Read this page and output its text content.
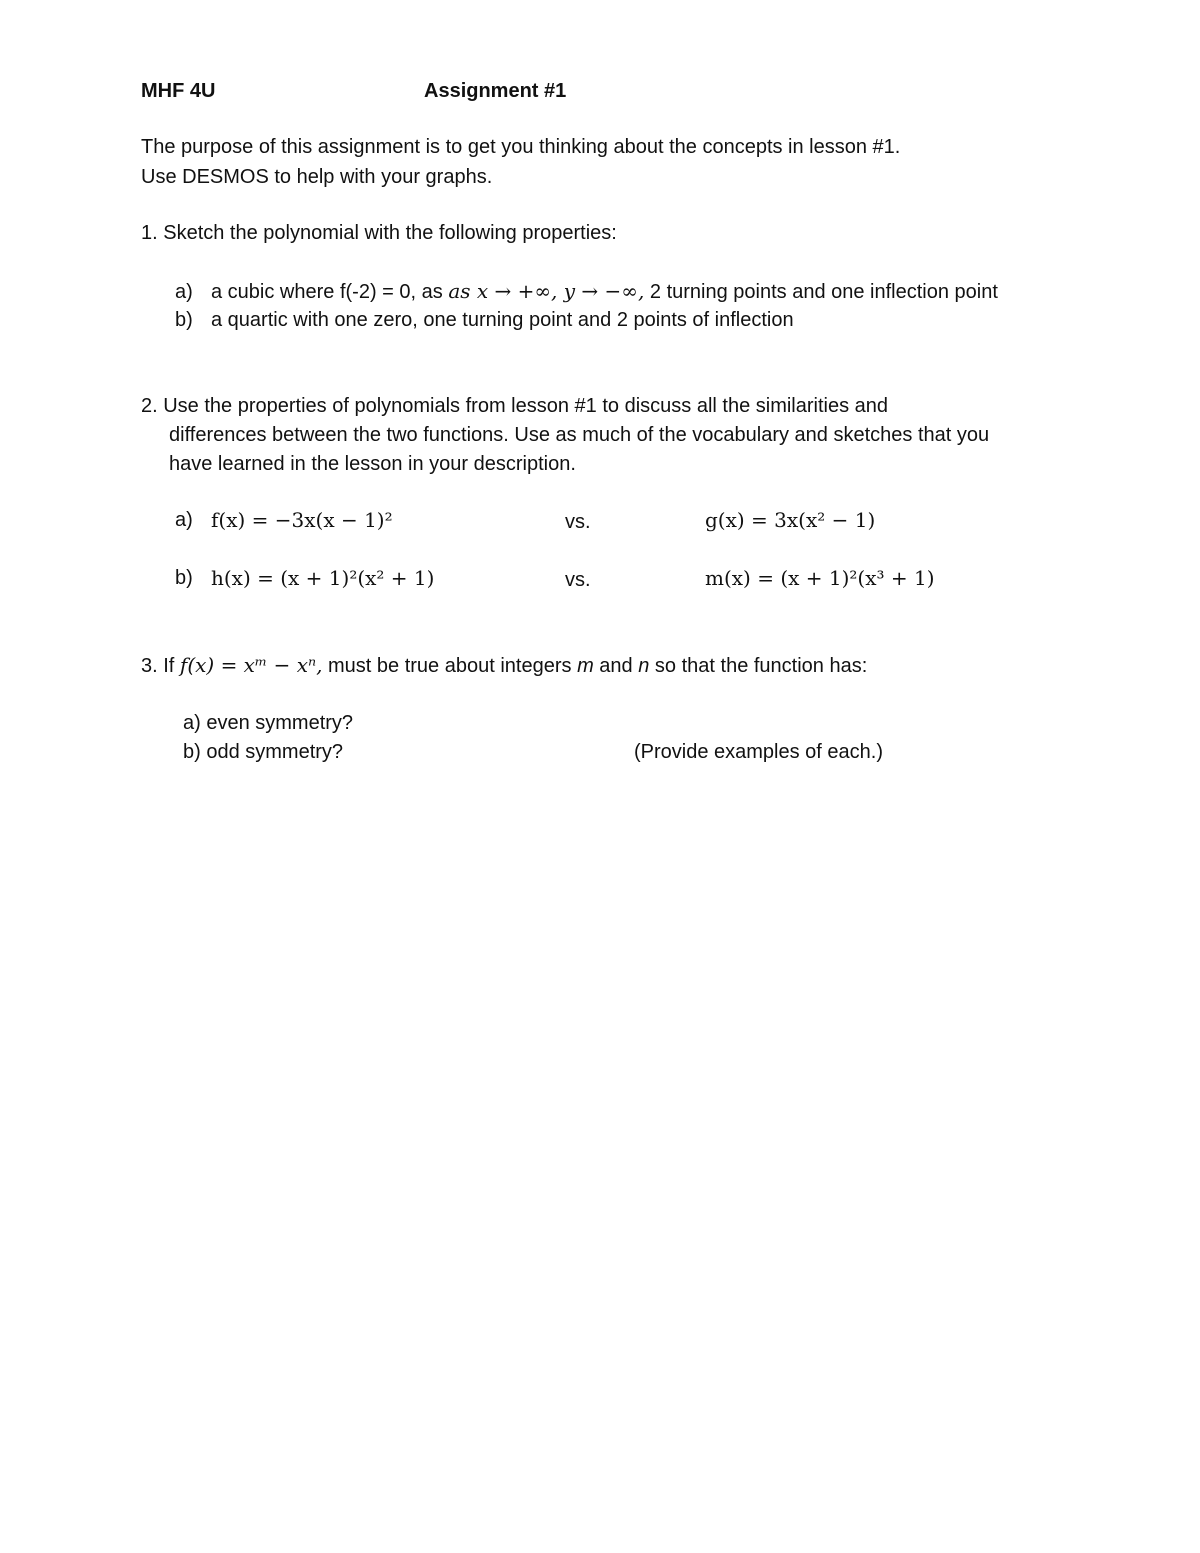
MHF 4U	Assignment #1
The purpose of this assignment is to get you thinking about the concepts in lesson #1.
Use DESMOS to help with your graphs.
1. Sketch the polynomial with the following properties:
a) a cubic where f(-2) = 0, as as x → +∞, y → −∞, 2 turning points and one inflection point
b) a quartic with one zero, one turning point and 2 points of inflection
2. Use the properties of polynomials from lesson #1 to discuss all the similarities and
differences between the two functions. Use as much of the vocabulary and sketches that you
have learned in the lesson in your description.
a) f(x) = −3x(x − 1)²	vs.	g(x) = 3x(x² − 1)
b) h(x) = (x + 1)²(x² + 1)	vs.	m(x) = (x + 1)²(x³ + 1)
3. If f(x) = xᵐ − xⁿ, must be true about integers m and n so that the function has:
a) even symmetry?
b) odd symmetry?	(Provide examples of each.)
